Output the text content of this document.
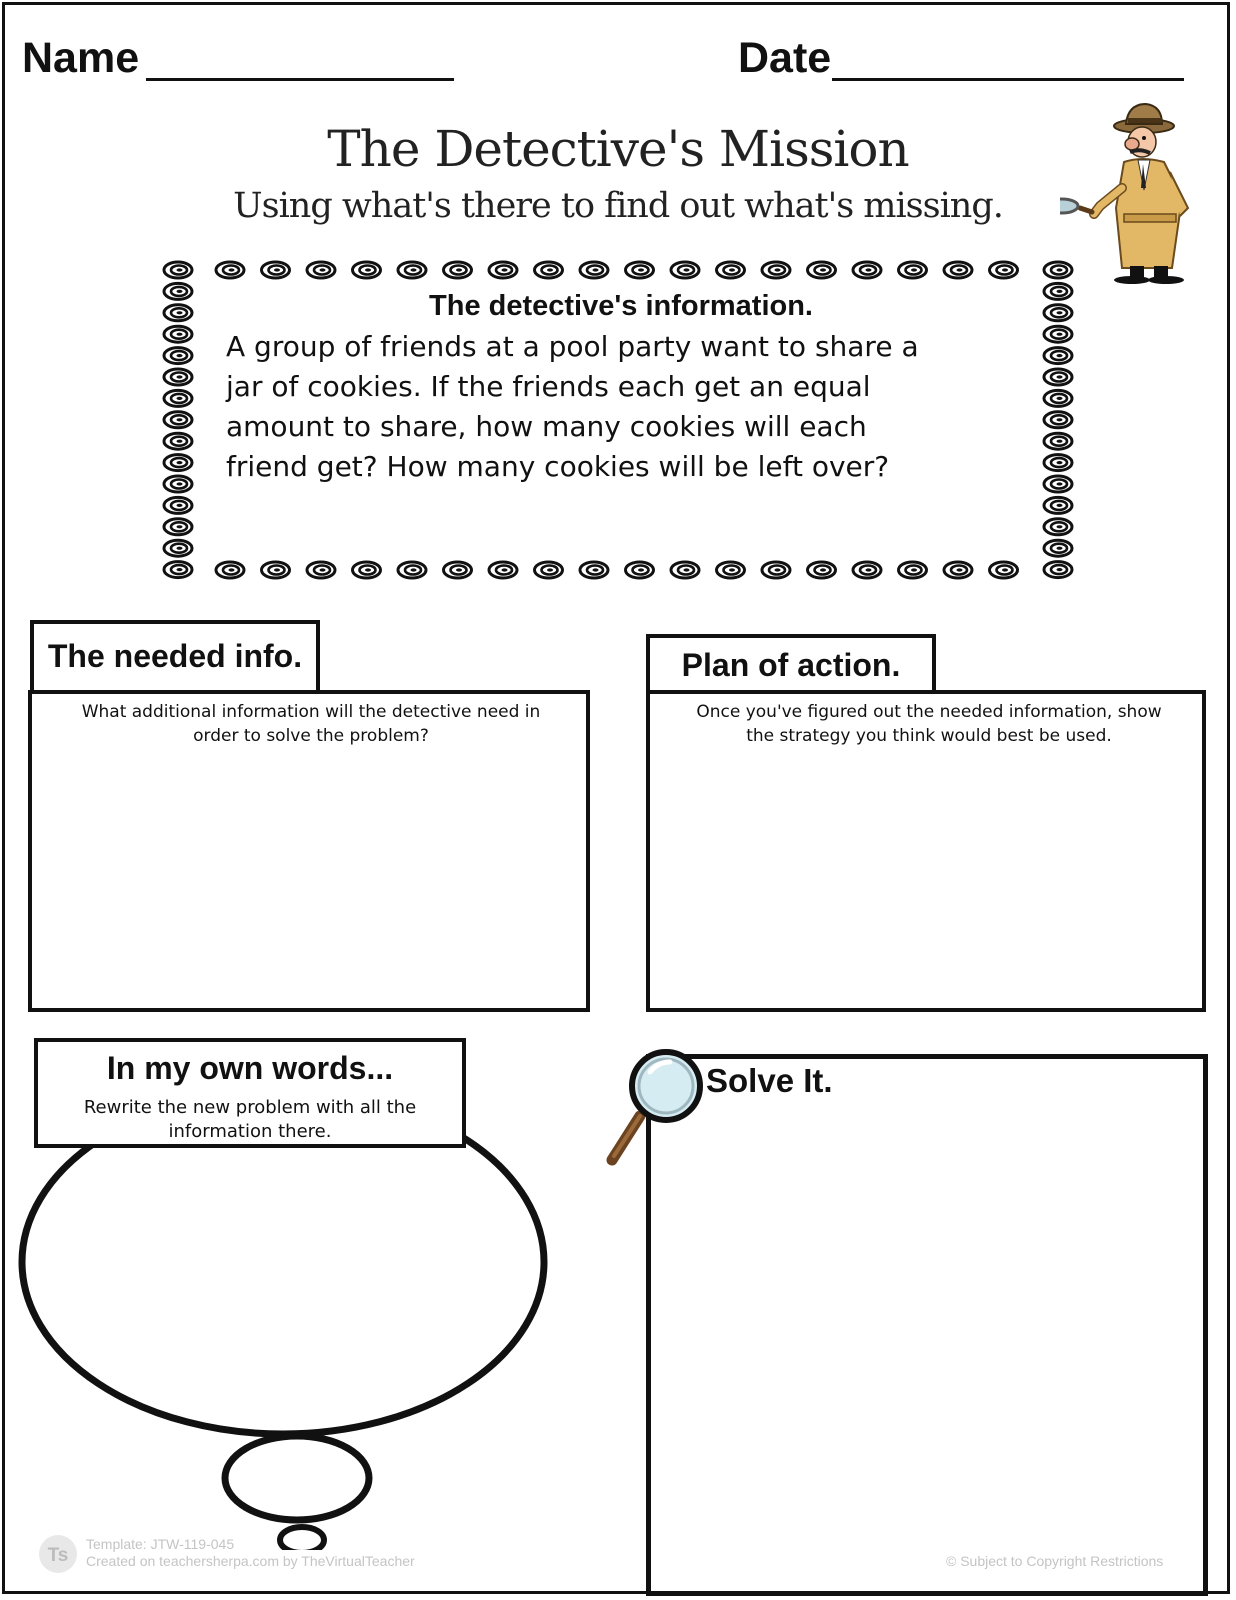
Name	Date
The Detective's Mission
Using what's there to find out what's missing.

The detective's information.

A group of friends at a pool party want to share a
jar of cookies. If the friends each get an equal
amount to share, how many cookies will each
friend get? How many cookies will be left over?

The needed info.
What additional information will the detective need in
order to solve the problem?
Plan of action.
Once you've figured out the needed information, show
the strategy you think would best be used.
In my own words...
Rewrite the new problem with all the
information there.
Solve It.
Ts
Template: JTW-119-045
Created on teachersherpa.com by TheVirtualTeacher	© Subject to Copyright Restrictions
